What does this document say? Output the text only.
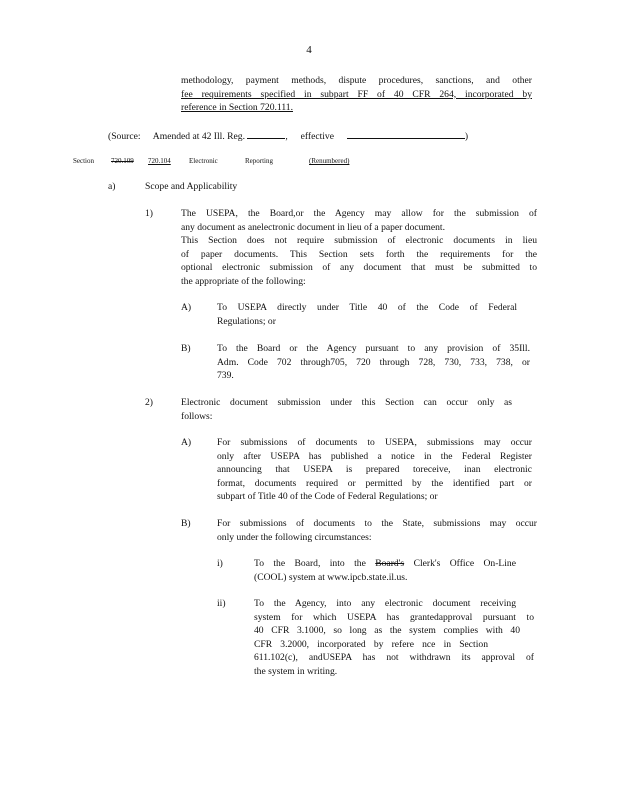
4

methodology, payment methods, dispute procedures, sanctions, and other

fee requirements specified in subpart FF of 40 CFR 264, incorporated by

reference in Section 720.111.

(Source: Amended at 42 Ill. Reg.	, effective	)
Section 720.109 720.104	Electronic	Reporting	(Renumbered)
a)	Scope and Applicability
1)	The USEPA, the Board,or the Agency may allow for the submission of

any document as anelectronic document in lieu of a paper document.

This Section does not require submission of electronic documents in lieu

of paper documents. This Section sets forth the requirements for the

optional electronic submission of any document that must be submitted to

the appropriate of the following:

A)	To USEPA directly under Title 40 of the Code of Federal

Regulations; or

B)	To the Board or the Agency pursuant to any provision of 35Ill.

Adm. Code 702 through705, 720 through 728, 730, 733, 738, or

739.

2)	Electronic document submission under this Section can occur only as

follows:

A)	For submissions of documents to USEPA, submissions may occur

only after USEPA has published a notice in the Federal Register

announcing that USEPA is prepared toreceive, inan electronic

format, documents required or permitted by the identified part or

subpart of Title 40 of the Code of Federal Regulations; or

B)	For submissions of documents to the State, submissions may occur

only under the following circumstances:

i)	To the Board, into the Board's Clerk's Office On-Line

(COOL) system at www.ipcb.state.il.us.

ii)	To the Agency, into any electronic document receiving

system for which USEPA has grantedapproval pursuant to

40 CFR 3.1000, so long as the system complies with 40

CFR 3.2000, incorporated by refere nce in Section

611.102(c), andUSEPA has not withdrawn its approval of

the system in writing.
